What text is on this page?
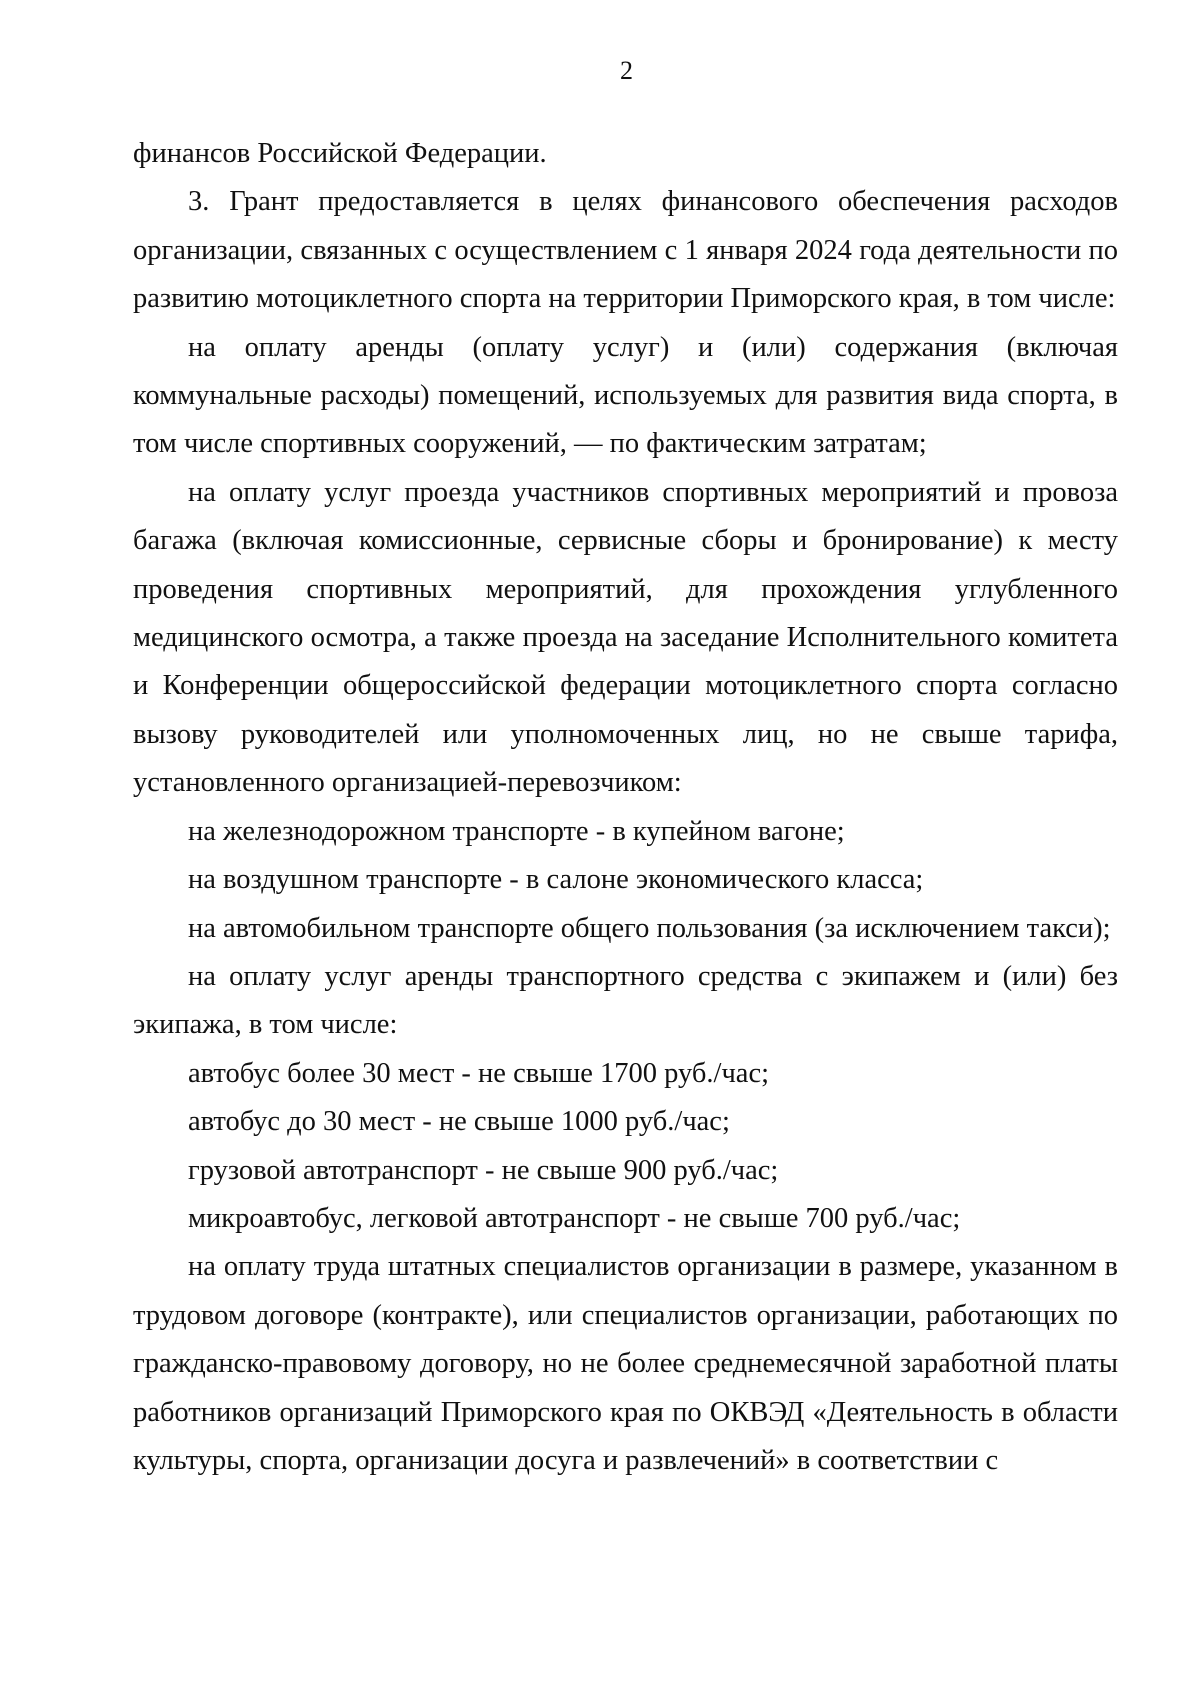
2

финансов Российской Федерации.

3. Грант предоставляется в целях финансового обеспечения расходов организации, связанных с осуществлением с 1 января 2024 года деятельности по развитию мотоциклетного спорта на территории Приморского края, в том числе:

на оплату аренды (оплату услуг) и (или) содержания (включая коммунальные расходы) помещений, используемых для развития вида спорта, в том числе спортивных сооружений, — по фактическим затратам;

на оплату услуг проезда участников спортивных мероприятий и провоза багажа (включая комиссионные, сервисные сборы и бронирование) к месту проведения спортивных мероприятий, для прохождения углубленного медицинского осмотра, а также проезда на заседание Исполнительного комитета и Конференции общероссийской федерации мотоциклетного спорта согласно вызову руководителей или уполномоченных лиц, но не свыше тарифа, установленного организацией-перевозчиком:

на железнодорожном транспорте - в купейном вагоне;

на воздушном транспорте - в салоне экономического класса;

на автомобильном транспорте общего пользования (за исключением такси);

на оплату услуг аренды транспортного средства с экипажем и (или) без экипажа, в том числе:

автобус более 30 мест - не свыше 1700 руб./час;

автобус до 30 мест - не свыше 1000 руб./час;

грузовой автотранспорт - не свыше 900 руб./час;

микроавтобус, легковой автотранспорт - не свыше 700 руб./час;

на оплату труда штатных специалистов организации в размере, указанном в трудовом договоре (контракте), или специалистов организации, работающих по гражданско-правовому договору, но не более среднемесячной заработной платы работников организаций Приморского края по ОКВЭД «Деятельность в области культуры, спорта, организации досуга и развлечений» в соответствии с
